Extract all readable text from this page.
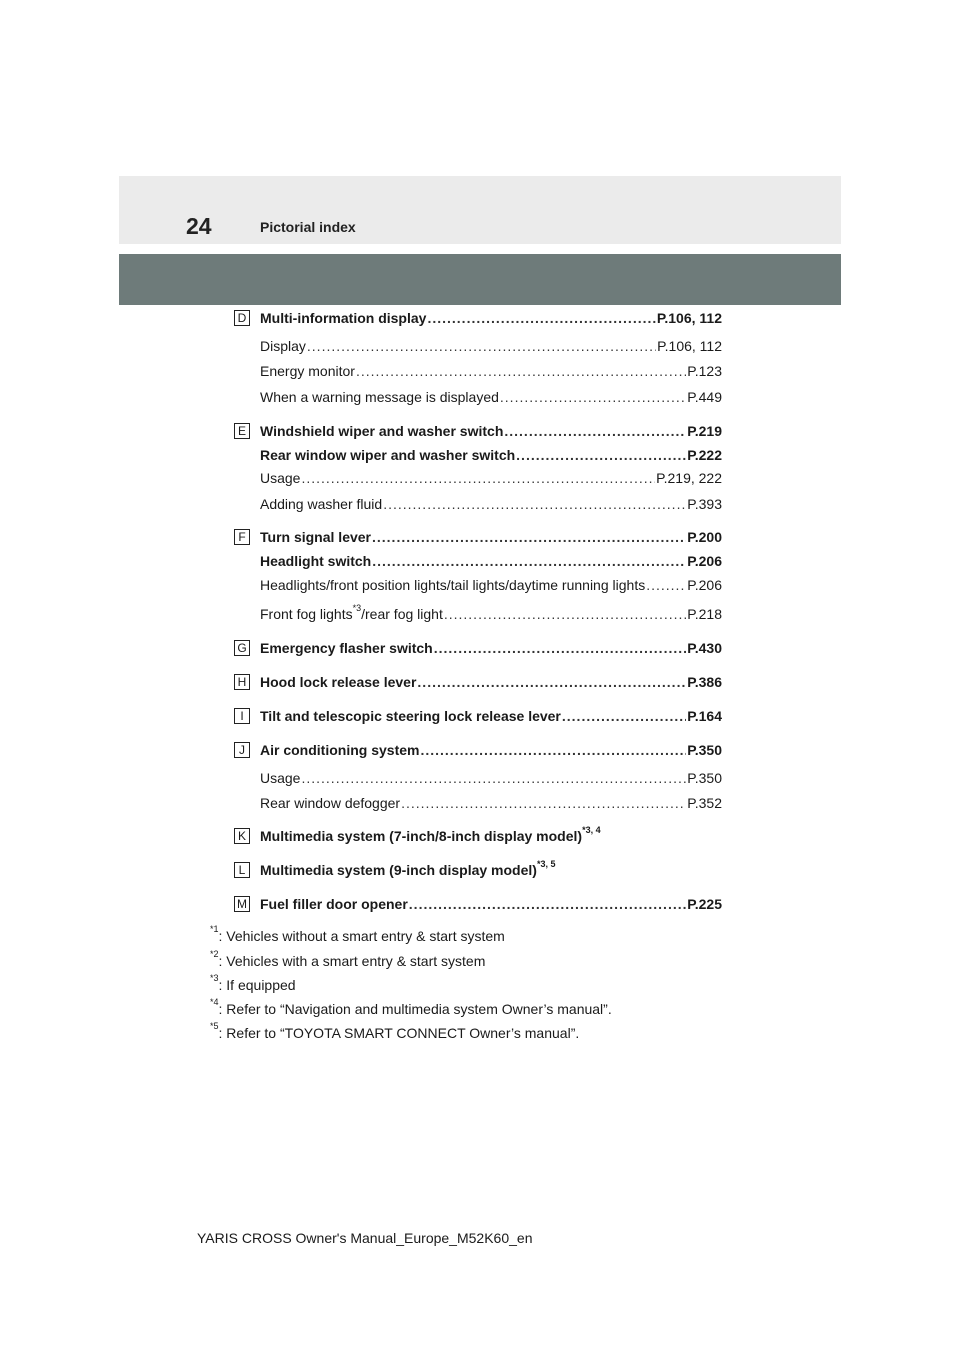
24	Pictorial index
D Multi-information display .....	P.106, 112
Display .....	P.106, 112
Energy monitor .....	P.123
When a warning message is displayed .....	P.449
E Windshield wiper and washer switch .....	P.219
Rear window wiper and washer switch .....	P.222
Usage .....	P.219, 222
Adding washer fluid .....	P.393
F	Turn signal lever .....	P.200
Headlight switch .....	P.206
Headlights/front position lights/tail lights/daytime running lights .....	P.206
Front fog lights$^{*3}$/rear fog light .....	P.218
G Emergency flasher switch .....	P.430
H Hood lock release lever .....	P.386
I	Tilt and telescopic steering lock release lever .....	P.164
J	Air conditioning system .....	P.350
Usage .....	P.350
Rear window defogger .....	P.352
K Multimedia system (7-inch/8-inch display model)$^{*3, 4}$
L	Multimedia system (9-inch display model)$^{*3, 5}$
M Fuel filler door opener .....	P.225
$^{*1}$: Vehicles without a smart entry & start system
$^{*2}$: Vehicles with a smart entry & start system
$^{*3}$: If equipped
$^{*4}$: Refer to “Navigation and multimedia system Owner’s manual”.
$^{*5}$: Refer to “TOYOTA SMART CONNECT Owner’s manual”.
YARIS CROSS Owner's Manual_Europe_M52K60_en
